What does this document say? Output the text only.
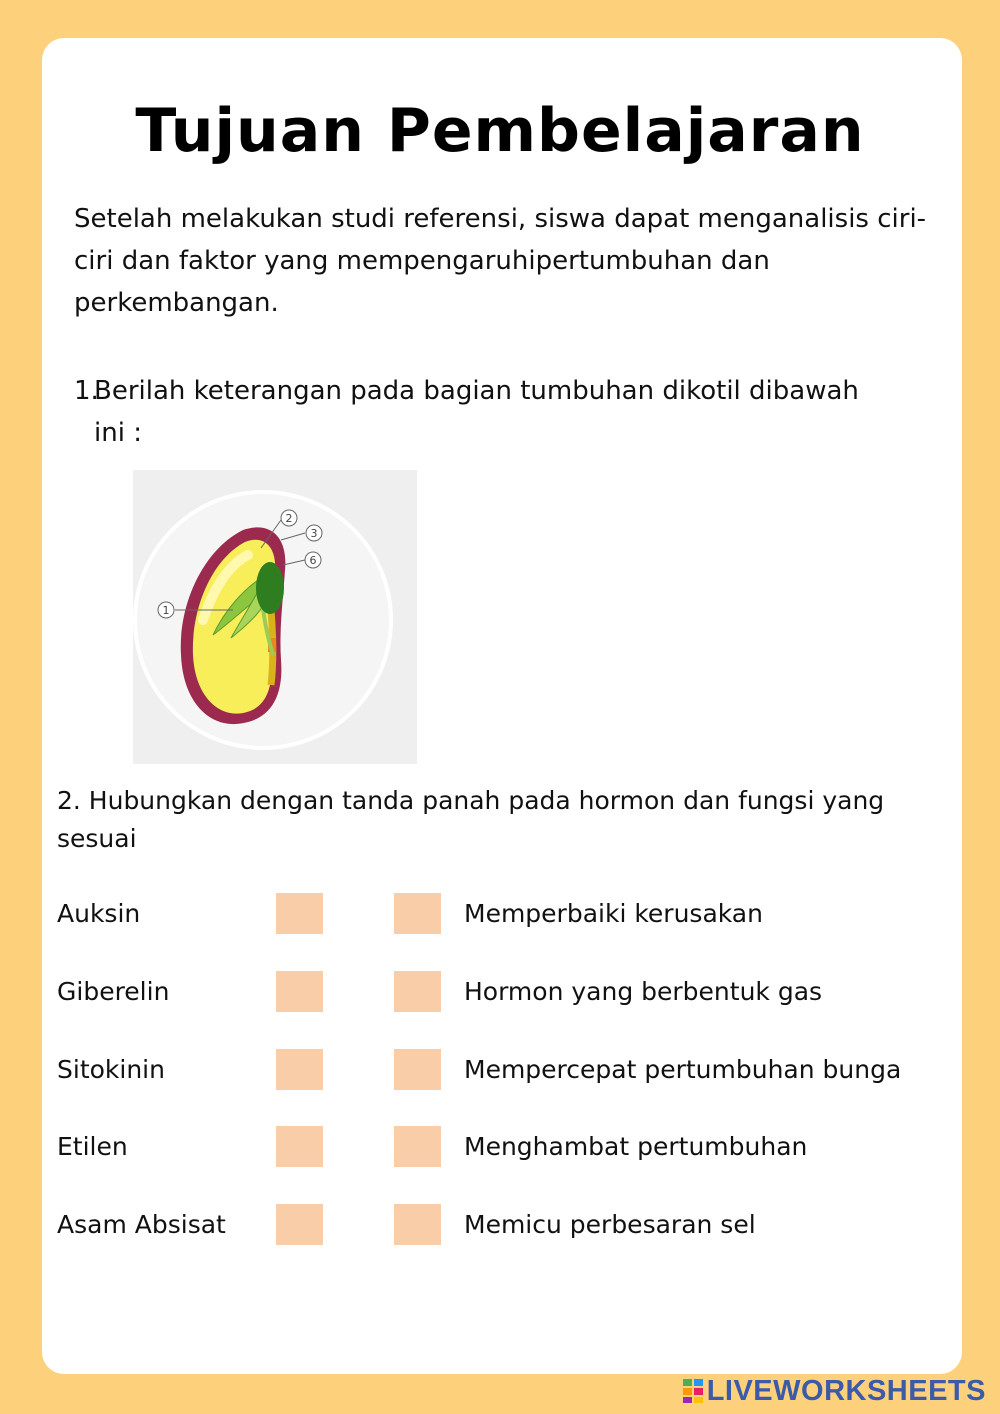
Tujuan Pembelajaran

Setelah melakukan studi referensi, siswa dapat menganalisis ciri-ciri dan faktor yang mempengaruhipertumbuhan dan perkembangan.

1.
Berilah keterangan pada bagian tumbuhan dikotil dibawah ini :
1
2
3
6

2. Hubungkan dengan tanda panah pada hormon dan fungsi yang sesuai

Auksin	Memperbaiki kerusakan
Giberelin	Hormon yang berbentuk gas
Sitokinin	Mempercepat pertumbuhan bunga
Etilen	Menghambat pertumbuhan
Asam Absisat	Memicu perbesaran sel
LIVEWORKSHEETS
